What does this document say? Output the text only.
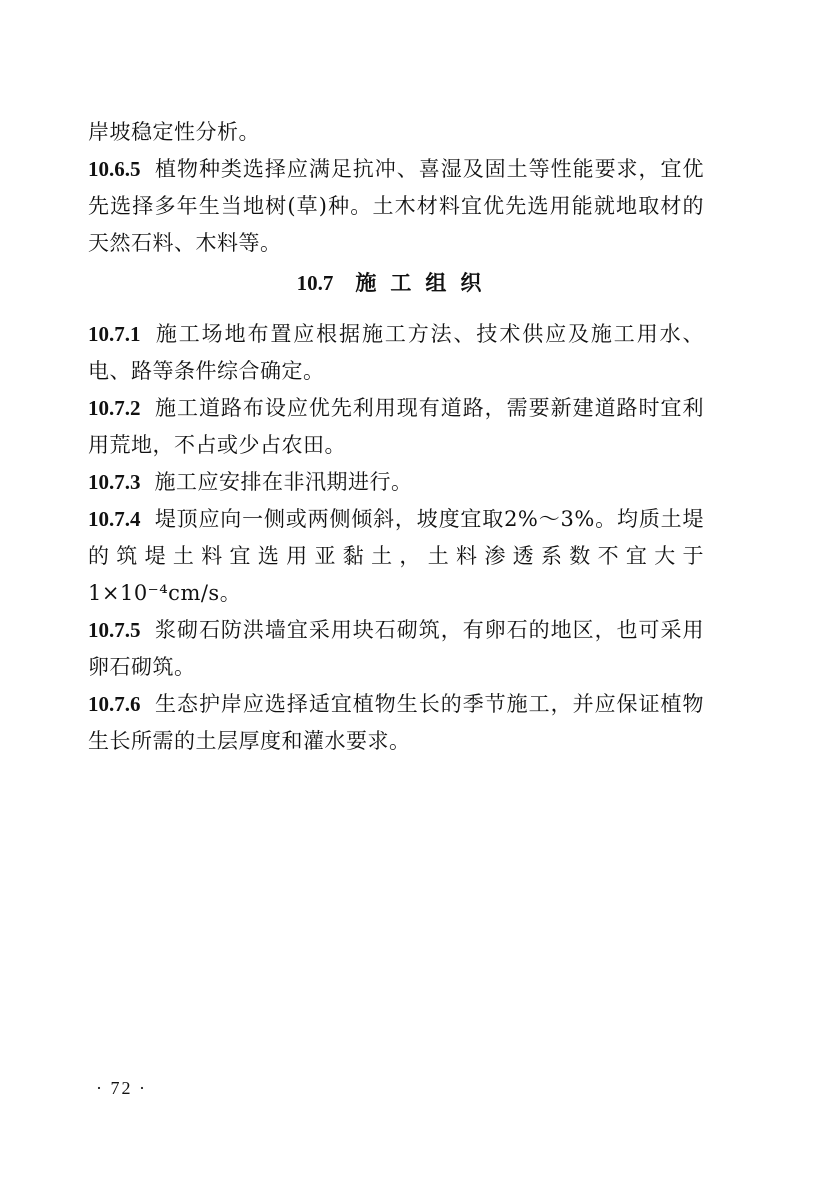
岸坡稳定性分析。

10.6.5 植物种类选择应满足抗冲、喜湿及固土等性能要求，宜优先选择多年生当地树(草)种。土木材料宜优先选用能就地取材的天然石料、木料等。

10.7 施工组织

10.7.1 施工场地布置应根据施工方法、技术供应及施工用水、电、路等条件综合确定。

10.7.2 施工道路布设应优先利用现有道路，需要新建道路时宜利用荒地，不占或少占农田。

10.7.3 施工应安排在非汛期进行。

10.7.4 堤顶应向一侧或两侧倾斜，坡度宜取2%～3%。均质土堤的筑堤土料宜选用亚黏土，土料渗透系数不宜大于1×10⁻⁴cm/s。

10.7.5 浆砌石防洪墙宜采用块石砌筑，有卵石的地区，也可采用卵石砌筑。

10.7.6 生态护岸应选择适宜植物生长的季节施工，并应保证植物生长所需的土层厚度和灌水要求。

· 72 ·
